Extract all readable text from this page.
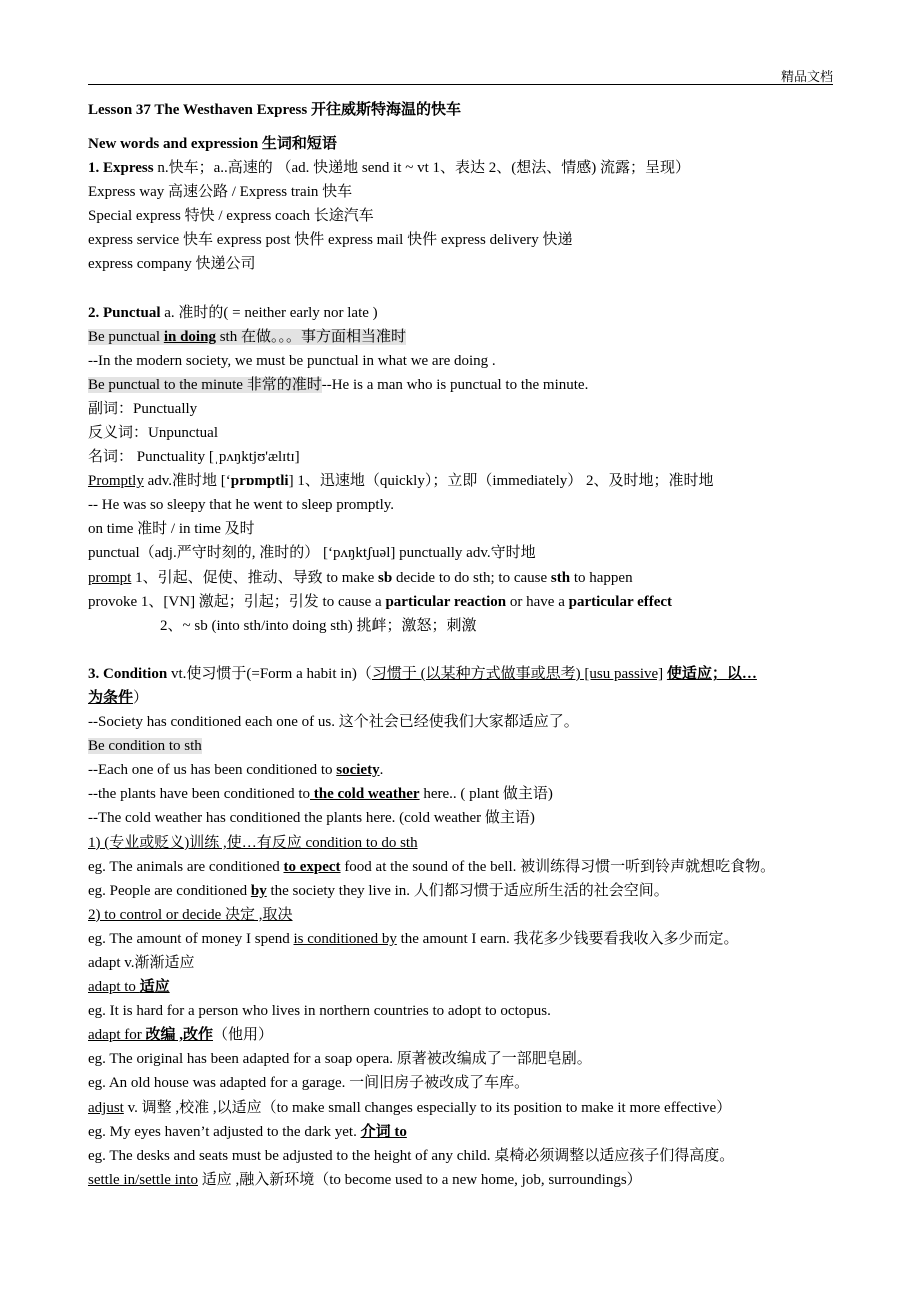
精品文档
Lesson 37 The Westhaven Express 开往威斯特海温的快车
New words and expression 生词和短语
1. Express n.快车；a..高速的 （ad. 快递地 send it ~ vt 1、表达 2、(想法、情感) 流露；呈现）
Express way 高速公路 / Express train 快车
Special express 特快 / express coach 长途汽车
express service 快车 express post 快件 express mail 快件 express delivery 快递
express company 快递公司
2. Punctual a. 准时的( = neither early nor late )
Be punctual in doing sth 在做。。。事方面相当准时
--In the modern society, we must be punctual in what we are doing .
Be punctual to the minute 非常的准时--He is a man who is punctual to the minute.
副词：Punctually
反义词：Unpunctual
名词： Punctuality [ˌpʌŋktjʊ'ælɪtɪ]
Promptly adv.准时地 [‘prɒmptli] 1、迅速地（quickly）；立即（immediately） 2、及时地；准时地
-- He was so sleepy that he went to sleep promptly.
on time 准时 / in time 及时
punctual（adj.严守时刻的, 准时的） [‘pʌŋktʃuəl] punctually adv.守时地
prompt 1、引起、促使、推动、导致 to make sb decide to do sth; to cause sth to happen
provoke 1、[VN] 激起；引起；引发 to cause a particular reaction or have a particular effect
2、~ sb (into sth/into doing sth) 挑衅；激怒；刺激
3. Condition vt.使习惯于(=Form a habit in)（习惯于 (以某种方式做事或思考) [usu passive] 使适应；以…
为条件）
--Society has conditioned each one of us. 这个社会已经使我们大家都适应了。
Be condition to sth
--Each one of us has been conditioned to society.
--the plants have been conditioned to the cold weather here.. ( plant 做主语)
--The cold weather has conditioned the plants here. (cold weather 做主语)
1) (专业或贬义)训练 ,使…有反应 condition to do sth
eg. The animals are conditioned to expect food at the sound of the bell. 被训练得习惯一听到铃声就想吃食物。
eg. People are conditioned by the society they live in. 人们都习惯于适应所生活的社会空间。
2) to control or decide 决定 ,取决
eg. The amount of money I spend is conditioned by the amount I earn. 我花多少钱要看我收入多少而定。
adapt v.渐渐适应
adapt to 适应
eg. It is hard for a person who lives in northern countries to adopt to octopus.
adapt for 改编 ,改作（他用）
eg. The original has been adapted for a soap opera. 原著被改编成了一部肥皂剧。
eg. An old house was adapted for a garage. 一间旧房子被改成了车库。
adjust v. 调整 ,校准 ,以适应（to make small changes especially to its position to make it more effective）
eg. My eyes haven’t adjusted to the dark yet. 介词 to
eg. The desks and seats must be adjusted to the height of any child. 桌椅必须调整以适应孩子们得高度。
settle in/settle into 适应 ,融入新环境（to become used to a new home, job, surroundings）
